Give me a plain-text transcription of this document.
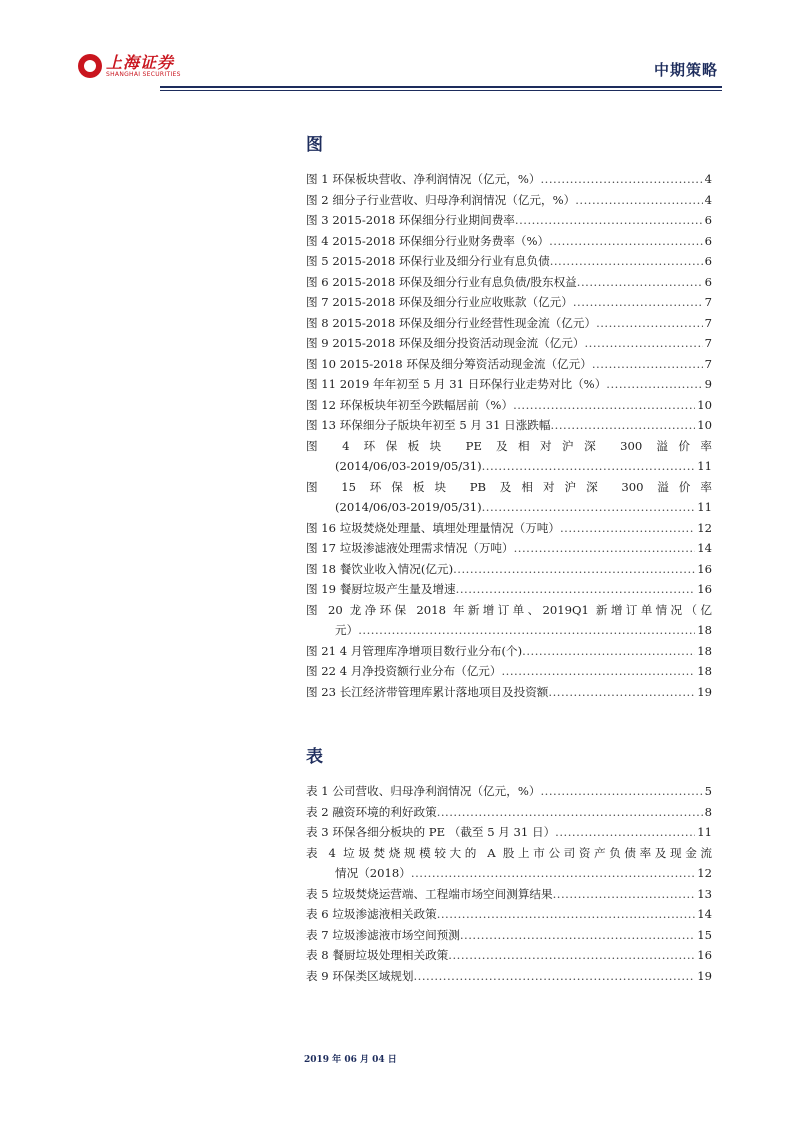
上海证券
SHANGHAI SECURITIES	中期策略
图
图 1 环保板块营收、净利润情况（亿元，%） .....	4
图 2 细分子行业营收、归母净利润情况（亿元，%） .....	4
图 3 2015-2018 环保细分行业期间费率 .....	6
图 4 2015-2018 环保细分行业财务费率（%） .....	6
图 5 2015-2018 环保行业及细分行业有息负债 .....	6
图 6 2015-2018 环保及细分行业有息负债/股东权益 .....	6
图 7 2015-2018 环保及细分行业应收账款（亿元） .....	7
图 8 2015-2018 环保及细分行业经营性现金流（亿元） .....	7
图 9 2015-2018 环保及细分投资活动现金流（亿元） .....	7
图 10 2015-2018 环保及细分筹资活动现金流（亿元） .....	7
图 11 2019 年年初至 5 月 31 日环保行业走势对比（%） .....	9
图 12 环保板块年初至今跌幅居前（%） .....	10
图 13 环保细分子版块年初至 5 月 31 日涨跌幅 .....	10
图 4 环保板块 PE 及相对沪深 300 溢价率
(2014/06/03-2019/05/31) .....	11
图 15 环保板块 PB 及相对沪深 300 溢价率
(2014/06/03-2019/05/31) .....	11
图 16 垃圾焚烧处理量、填埋处理量情况（万吨） .....	12
图 17 垃圾渗滤液处理需求情况（万吨） .....	14
图 18 餐饮业收入情况(亿元) .....	16
图 19 餐厨垃圾产生量及增速 .....	16
图 20 龙净环保 2018 年新增订单、2019Q1 新增订单情况（亿
元） .....	18
图 21 4 月管理库净增项目数行业分布(个) .....	18
图 22 4 月净投资额行业分布（亿元） .....	18
图 23 长江经济带管理库累计落地项目及投资额 .....	19
表
表 1 公司营收、归母净利润情况（亿元，%） .....	5
表 2 融资环境的利好政策 .....	8
表 3 环保各细分板块的 PE （截至 5 月 31 日） .....	11
表 4 垃圾焚烧规模较大的 A 股上市公司资产负债率及现金流
情况（2018） .....	12
表 5 垃圾焚烧运营端、工程端市场空间测算结果 .....	13
表 6 垃圾渗滤液相关政策 .....	14
表 7 垃圾渗滤液市场空间预测 .....	15
表 8 餐厨垃圾处理相关政策 .....	16
表 9 环保类区域规划 .....	19
2019 年 06 月 04 日
